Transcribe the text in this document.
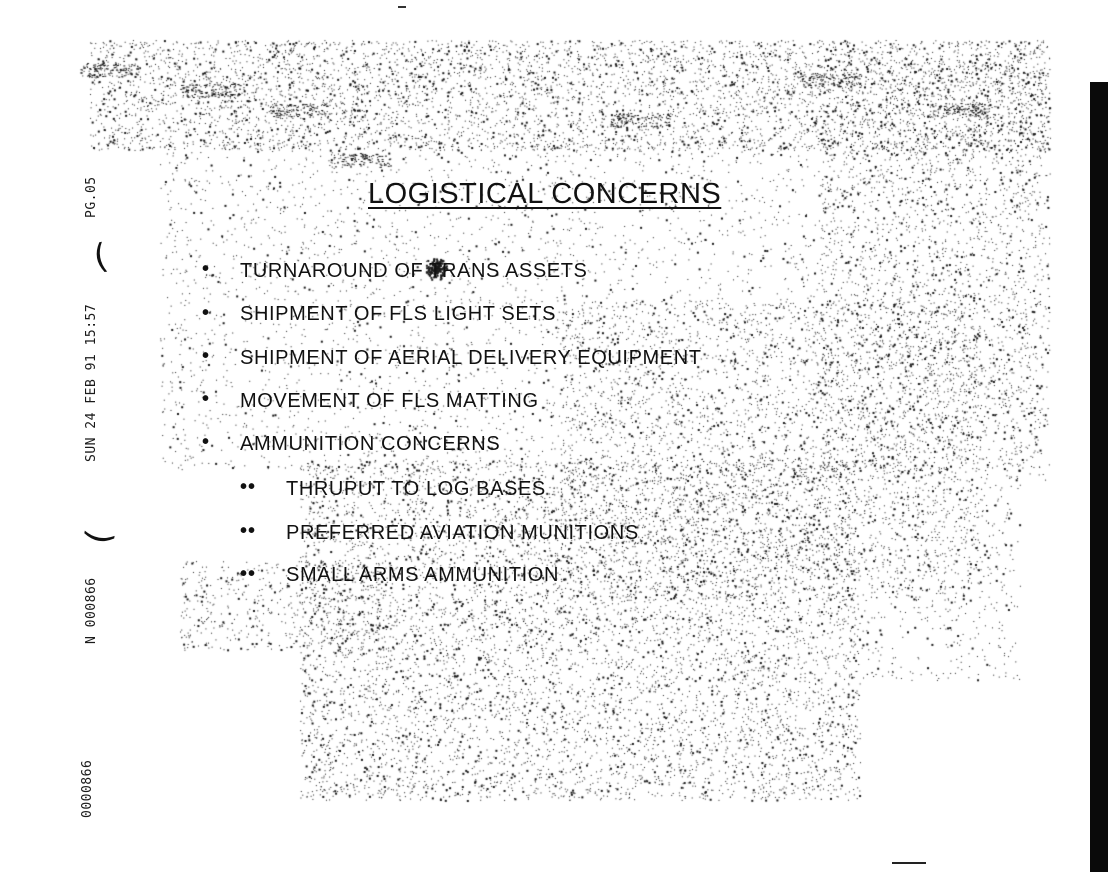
PG.05
(
SUN 24 FEB 91 15:57
(
N 000866
0000866
LOGISTICAL CONCERNS
• TURNAROUND OF TRANS ASSETS
• SHIPMENT OF FLS LIGHT SETS
• SHIPMENT OF AERIAL DELIVERY EQUIPMENT
• MOVEMENT OF FLS MATTING
• AMMUNITION CONCERNS
•• THRUPUT TO LOG BASES
•• PREFERRED AVIATION MUNITIONS
•• SMALL ARMS AMMUNITION
